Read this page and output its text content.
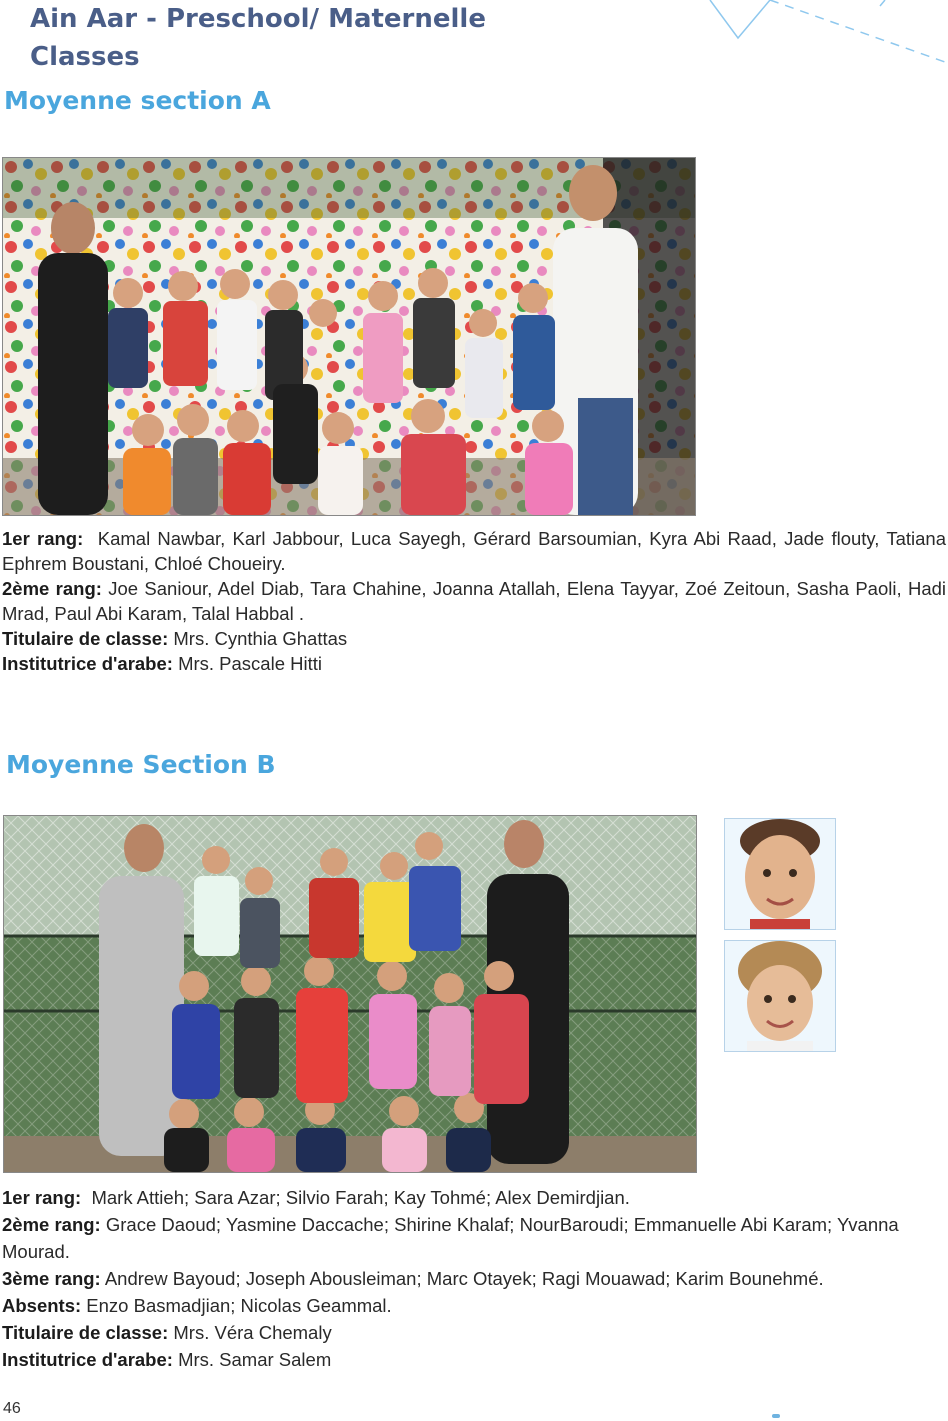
Ain Aar - Preschool/ Maternelle
Classes
Moyenne section A

1er rang: Kamal Nawbar, Karl Jabbour, Luca Sayegh, Gérard Barsoumian, Kyra Abi Raad, Jade flouty, Tatiana Ephrem Boustani, Chloé Choueiry.

2ème rang: Joe Saniour, Adel Diab, Tara Chahine, Joanna Atallah, Elena Tayyar, Zoé Zeitoun, Sasha Paoli, Hadi Mrad, Paul Abi Karam, Talal Habbal .

Titulaire de classe: Mrs. Cynthia Ghattas

Institutrice d'arabe: Mrs. Pascale Hitti

Moyenne Section B

1er rang: Mark Attieh; Sara Azar; Silvio Farah; Kay Tohmé; Alex Demirdjian.

2ème rang: Grace Daoud; Yasmine Daccache; Shirine Khalaf; NourBaroudi; Emmanuelle Abi Karam; Yvanna Mourad.

3ème rang: Andrew Bayoud; Joseph Abousleiman; Marc Otayek; Ragi Mouawad; Karim Bounehmé.

Absents: Enzo Basmadjian; Nicolas Geammal.

Titulaire de classe: Mrs. Véra Chemaly

Institutrice d'arabe: Mrs. Samar Salem

46
